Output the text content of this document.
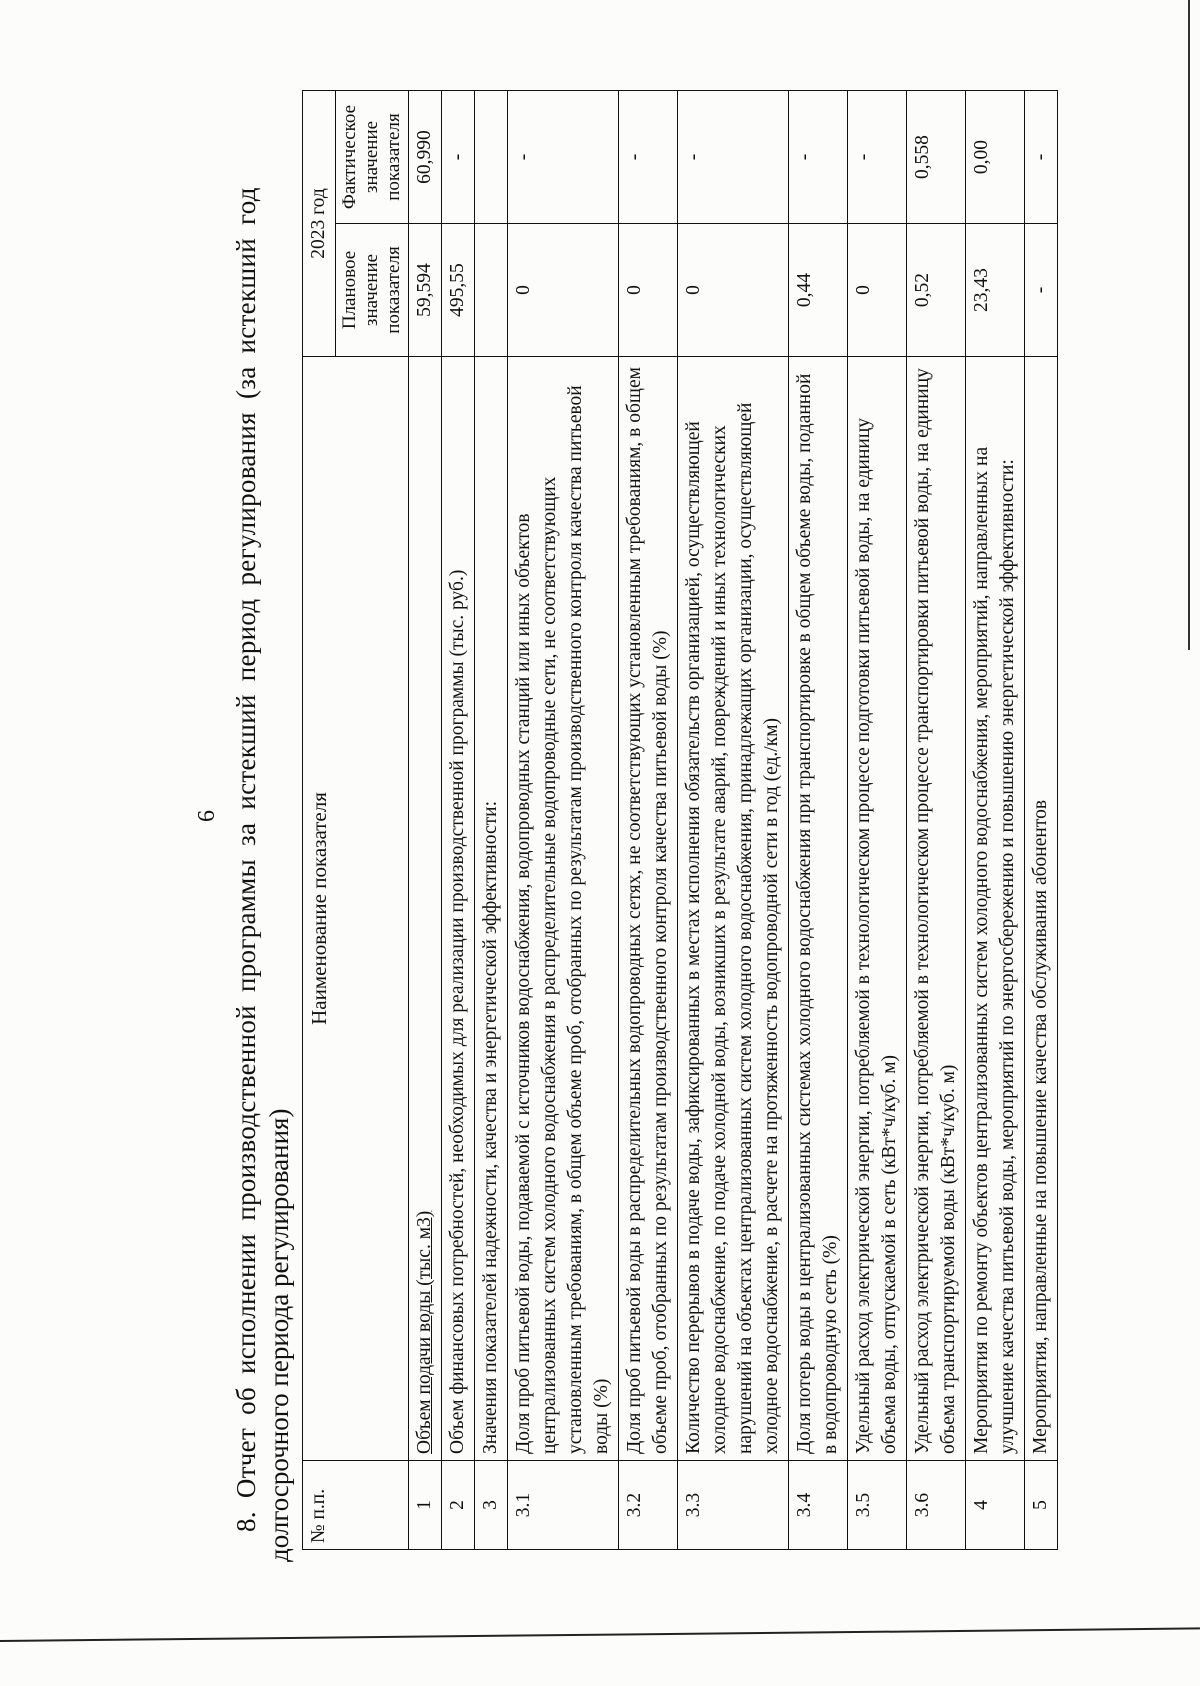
6 8. Отчет об исполнении производственной программы за истекший период регулирования (за истекший год долгосрочного периода регулирования) № п.п.	Наименование показателя	2023 год	
		Плановое значение показателя	Фактическое значение показателя
1	Объем подачи воды (тыс. м3)	59,594	60,990
2	Объем финансовых потребностей, необходимых для реализации производственной программы (тыс. руб.)	495,55	-
3	Значения показателей надежности, качества и энергетической эффективности:		
3.1	Доля проб питьевой воды, подаваемой с источников водоснабжения, водопроводных станций или иных объектов централизованных систем холодного водоснабжения в распределительные водопроводные сети, не соответствующих установленным требованиям, в общем объеме проб, отобранных по результатам производственного контроля качества питьевой воды (%)	0	-
3.2	Доля проб питьевой воды в распределительных водопроводных сетях, не соответствующих установленным требованиям, в общем объеме проб, отобранных по результатам производственного контроля качества питьевой воды (%)	0	-
3.3	Количество перерывов в подаче воды, зафиксированных в местах исполнения обязательств организацией, осуществляющей холодное водоснабжение, по подаче холодной воды, возникших в результате аварий, повреждений и иных технологических нарушений на объектах централизованных систем холодного водоснабжения, принадлежащих организации, осуществляющей холодное водоснабжение, в расчете на протяженность водопроводной сети в год (ед./км)	0	-
3.4	Доля потерь воды в централизованных системах холодного водоснабжения при транспортировке в общем объеме воды, поданной в водопроводную сеть (%)	0,44	-
3.5	Удельный расход электрической энергии, потребляемой в технологическом процессе подготовки питьевой воды, на единицу объема воды, отпускаемой в сеть (кВт*ч/куб. м)	0	-
3.6	Удельный расход электрической энергии, потребляемой в технологическом процессе транспортировки питьевой воды, на единицу объема транспортируемой воды (кВт*ч/куб. м)	0,52	0,558
4	Мероприятия по ремонту объектов централизованных систем холодного водоснабжения, мероприятий, направленных на улучшение качества питьевой воды, мероприятий по энергосбережению и повышению энергетической эффективности:	23,43	0,00
5	Мероприятия, направленные на повышение качества обслуживания абонентов	-	-
